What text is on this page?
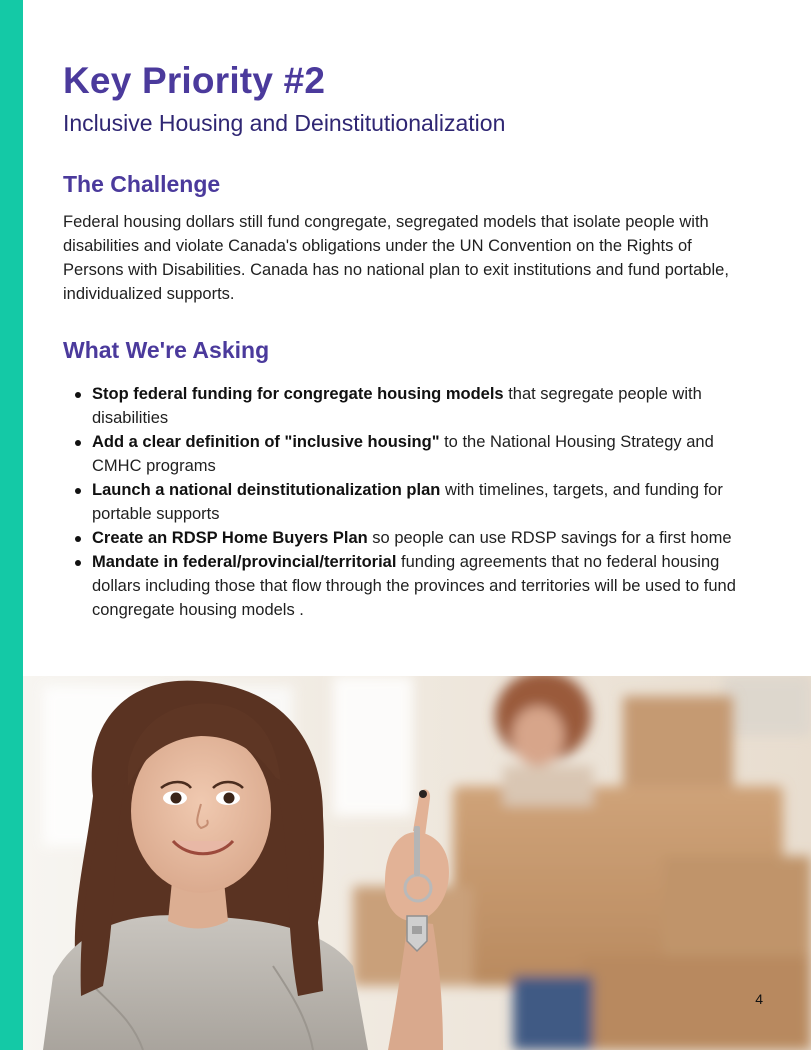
Key Priority #2
Inclusive Housing and Deinstitutionalization
The Challenge

Federal housing dollars still fund congregate, segregated models that isolate people with disabilities and violate Canada's obligations under the UN Convention on the Rights of Persons with Disabilities. Canada has no national plan to exit institutions and fund portable, individualized supports.

What We're Asking
Stop federal funding for congregate housing models that segregate people with disabilities
Add a clear definition of "inclusive housing" to the National Housing Strategy and CMHC programs
Launch a national deinstitutionalization plan with timelines, targets, and funding for portable supports
Create an RDSP Home Buyers Plan so people can use RDSP savings for a first home
Mandate in federal/provincial/territorial funding agreements that no federal housing dollars including those that flow through the provinces and territories will be used to fund congregate housing models .
4
